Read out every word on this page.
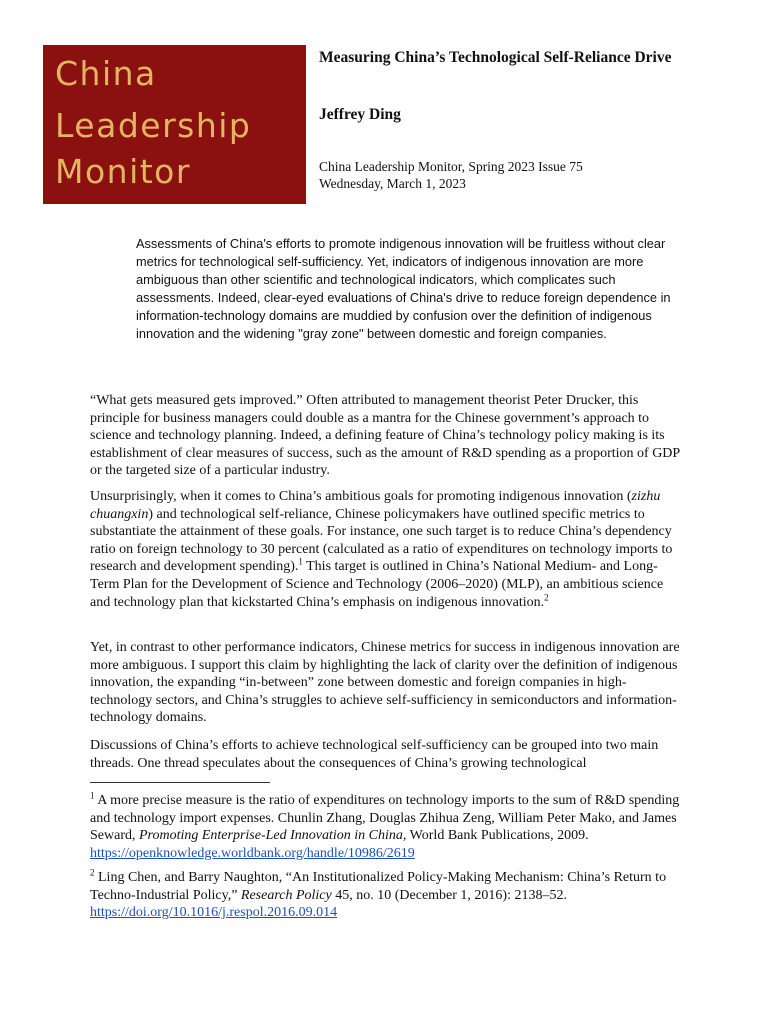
China
Leadership
Monitor
Measuring China’s Technological Self-Reliance Drive
Jeffrey Ding
China Leadership Monitor, Spring 2023 Issue 75
Wednesday, March 1, 2023

Assessments of China's efforts to promote indigenous innovation will be fruitless without clear metrics for technological self-sufficiency. Yet, indicators of indigenous innovation are more ambiguous than other scientific and technological indicators, which complicates such assessments. Indeed, clear-eyed evaluations of China's drive to reduce foreign dependence in information-technology domains are muddied by confusion over the definition of indigenous innovation and the widening "gray zone" between domestic and foreign companies.

“What gets measured gets improved.” Often attributed to management theorist Peter Drucker, this principle for business managers could double as a mantra for the Chinese government’s approach to science and technology planning. Indeed, a defining feature of China’s technology policy making is its establishment of clear measures of success, such as the amount of R&D spending as a proportion of GDP or the targeted size of a particular industry.

Unsurprisingly, when it comes to China’s ambitious goals for promoting indigenous innovation (zizhu chuangxin) and technological self-reliance, Chinese policymakers have outlined specific metrics to substantiate the attainment of these goals. For instance, one such target is to reduce China’s dependency ratio on foreign technology to 30 percent (calculated as a ratio of expenditures on technology imports to research and development spending).$^1$ This target is outlined in China’s National Medium- and Long-Term Plan for the Development of Science and Technology (2006–2020) (MLP), an ambitious science and technology plan that kickstarted China’s emphasis on indigenous innovation.$^2$

Yet, in contrast to other performance indicators, Chinese metrics for success in indigenous innovation are more ambiguous. I support this claim by highlighting the lack of clarity over the definition of indigenous innovation, the expanding “in-between” zone between domestic and foreign companies in high-technology sectors, and China’s struggles to achieve self-sufficiency in semiconductors and information-technology domains.

Discussions of China’s efforts to achieve technological self-sufficiency can be grouped into two main threads. One thread speculates about the consequences of China’s growing technological

$^1$ A more precise measure is the ratio of expenditures on technology imports to the sum of R&D spending and technology import expenses. Chunlin Zhang, Douglas Zhihua Zeng, William Peter Mako, and James Seward, Promoting Enterprise-Led Innovation in China, World Bank Publications, 2009. https://openknowledge.worldbank.org/handle/10986/2619

$^2$ Ling Chen, and Barry Naughton, “An Institutionalized Policy-Making Mechanism: China’s Return to Techno-Industrial Policy,” Research Policy 45, no. 10 (December 1, 2016): 2138–52. https://doi.org/10.1016/j.respol.2016.09.014
